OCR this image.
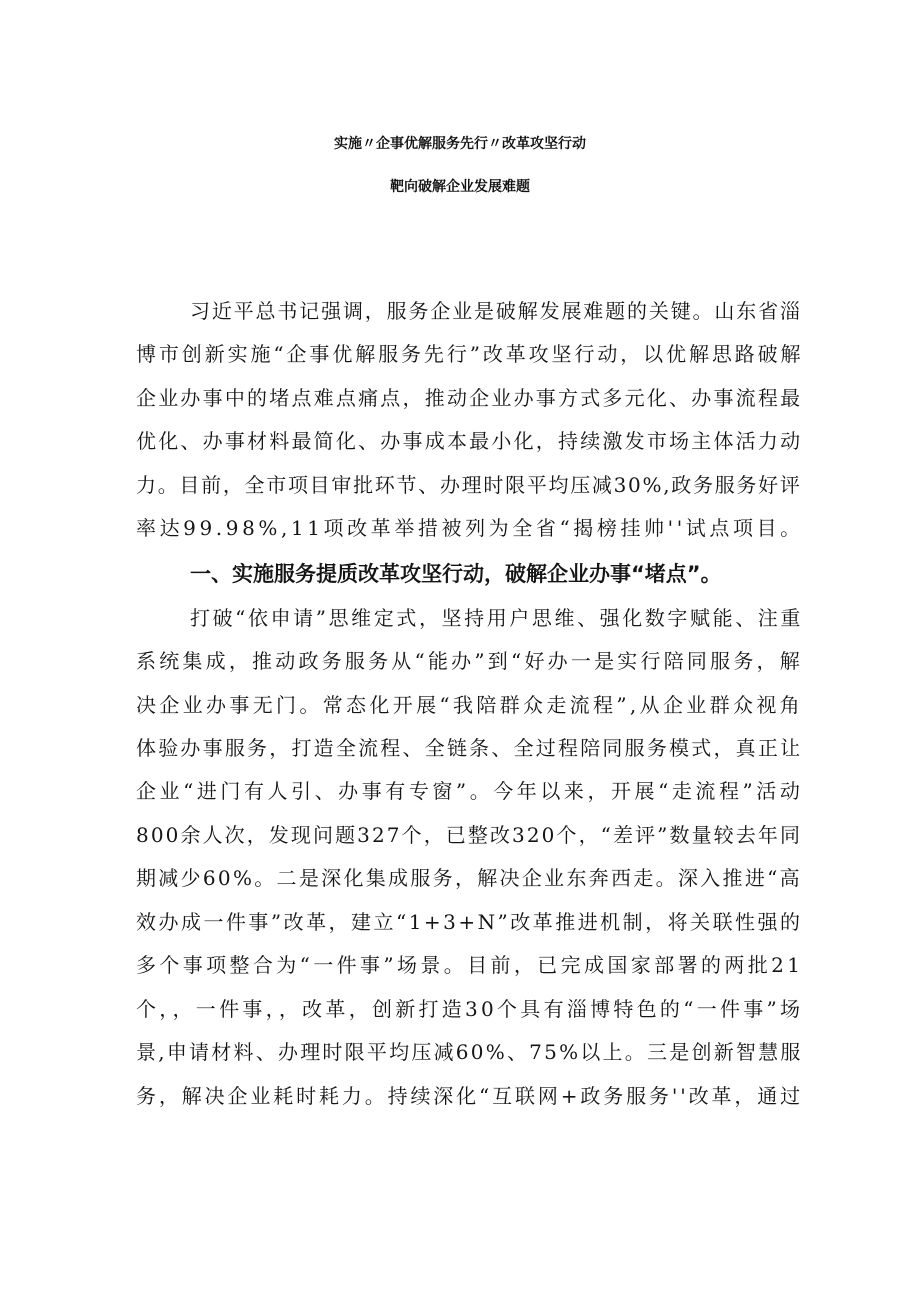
实施〃企事优解服务先行〃改革攻坚行动
靶向破解企业发展难题
习近平总书记强调，服务企业是破解发展难题的关键。山东省淄
博市创新实施“企事优解服务先行”改革攻坚行动，以优解思路破解
企业办事中的堵点难点痛点，推动企业办事方式多元化、办事流程最
优化、办事材料最简化、办事成本最小化，持续激发市场主体活力动
力。目前，全市项目审批环节、办理时限平均压减30%,政务服务好评
率达99.98%,11项改革举措被列为全省“揭榜挂帅''试点项目。
一、实施服务提质改革攻坚行动，破解企业办事“堵点”。
打破“依申请”思维定式，坚持用户思维、强化数字赋能、注重
系统集成，推动政务服务从“能办”到“好办一是实行陪同服务，解
决企业办事无门。常态化开展“我陪群众走流程”,从企业群众视角
体验办事服务，打造全流程、全链条、全过程陪同服务模式，真正让
企业“进门有人引、办事有专窗”。今年以来，开展“走流程”活动
800余人次，发现问题327个，已整改320个，“差评”数量较去年同
期减少60%。二是深化集成服务，解决企业东奔西走。深入推进“高
效办成一件事”改革，建立“1+3+N”改革推进机制，将关联性强的
多个事项整合为“一件事”场景。目前，已完成国家部署的两批21
个，，一件事，，改革，创新打造30个具有淄博特色的“一件事”场
景,申请材料、办理时限平均压减60%、75%以上。三是创新智慧服
务，解决企业耗时耗力。持续深化“互联网+政务服务''改革，通过
